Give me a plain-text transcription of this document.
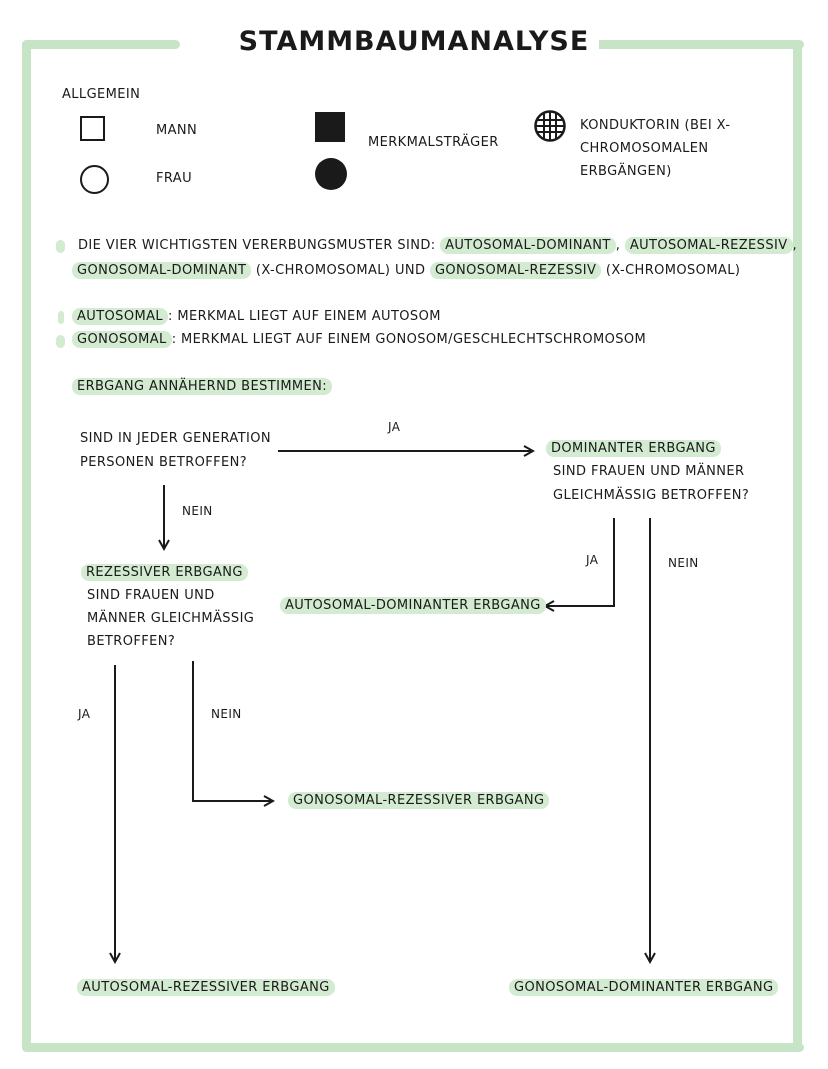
STAMMBAUMANALYSE
ALLGEMEIN
MANN
FRAU
MERKMALSTRÄGER
KONDUKTORIN (BEI X-
CHROMOSOMALEN
ERBGÄNGEN)
DIE VIER WICHTIGSTEN VERERBUNGSMUSTER SIND: AUTOSOMAL-DOMINANT , AUTOSOMAL-REZESSIV ,
GONOSOMAL-DOMINANT (X-CHROMOSOMAL) UND GONOSOMAL-REZESSIV (X-CHROMOSOMAL)
AUTOSOMAL : MERKMAL LIEGT AUF EINEM AUTOSOM
GONOSOMAL : MERKMAL LIEGT AUF EINEM GONOSOM/GESCHLECHTSCHROMOSOM
ERBGANG ANNÄHERND BESTIMMEN:
SIND IN JEDER GENERATION
PERSONEN BETROFFEN?
JA
NEIN
DOMINANTER ERBGANG
SIND FRAUEN UND MÄNNER
GLEICHMÄSSIG BETROFFEN?
JA	NEIN
REZESSIVER ERBGANG
SIND FRAUEN UND
MÄNNER GLEICHMÄSSIG
BETROFFEN?
AUTOSOMAL-DOMINANTER ERBGANG
JA	NEIN
GONOSOMAL-REZESSIVER ERBGANG
AUTOSOMAL-REZESSIVER ERBGANG	GONOSOMAL-DOMINANTER ERBGANG
